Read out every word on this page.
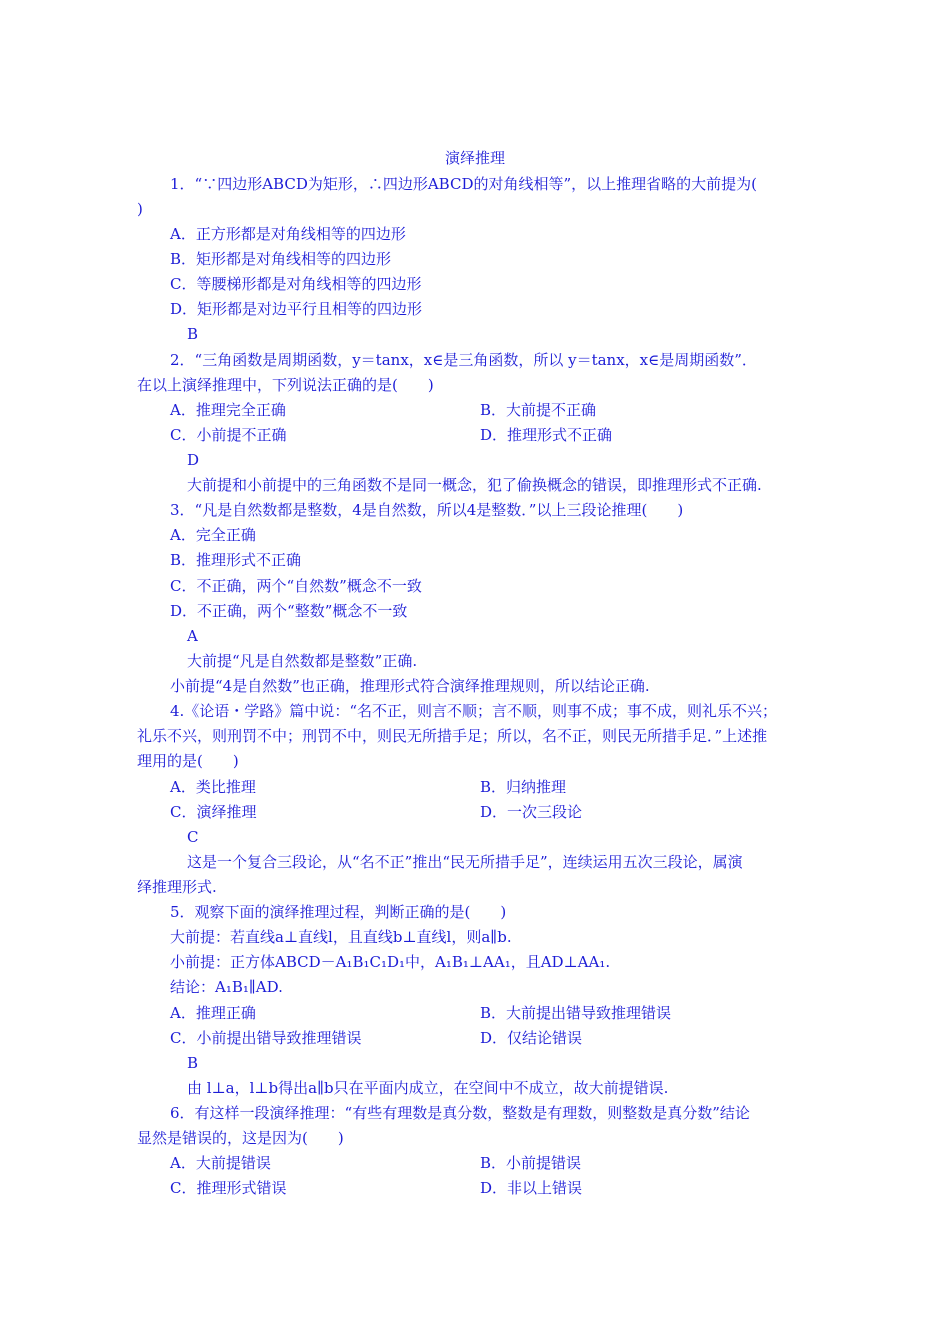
演绎推理
1．“∵四边形ABCD为矩形，∴四边形ABCD的对角线相等”，以上推理省略的大前提为(
)
A．正方形都是对角线相等的四边形
B．矩形都是对角线相等的四边形
C．等腰梯形都是对角线相等的四边形
D．矩形都是对边平行且相等的四边形
B
2．“三角函数是周期函数，y＝tanx，x∈是三角函数，所以 y＝tanx，x∈是周期函数”．
在以上演绎推理中，下列说法正确的是(　　)
A．推理完全正确	B．大前提不正确
C．小前提不正确	D．推理形式不正确
D
大前提和小前提中的三角函数不是同一概念，犯了偷换概念的错误，即推理形式不正确.
3．“凡是自然数都是整数，4是自然数，所以4是整数．”以上三段论推理(　　)
A．完全正确
B．推理形式不正确
C．不正确，两个“自然数”概念不一致
D．不正确，两个“整数”概念不一致
A
大前提“凡是自然数都是整数”正确.
小前提“4是自然数”也正确，推理形式符合演绎推理规则，所以结论正确.
4.《论语・学路》篇中说：“名不正，则言不顺；言不顺，则事不成；事不成，则礼乐不兴；
礼乐不兴，则刑罚不中；刑罚不中，则民无所措手足；所以，名不正，则民无所措手足．”上述推
理用的是(　　)
A．类比推理	B．归纳推理
C．演绎推理	D．一次三段论
C
这是一个复合三段论，从“名不正”推出“民无所措手足”，连续运用五次三段论，属演
绎推理形式.
5．观察下面的演绎推理过程，判断正确的是(　　)
大前提：若直线a⊥直线l，且直线b⊥直线l，则a∥b.
小前提：正方体ABCD－A₁B₁C₁D₁中，A₁B₁⊥AA₁，且AD⊥AA₁.
结论：A₁B₁∥AD.
A．推理正确	B．大前提出错导致推理错误
C．小前提出错导致推理错误	D．仅结论错误
B
由 l⊥a，l⊥b得出a∥b只在平面内成立，在空间中不成立，故大前提错误.
6．有这样一段演绎推理：“有些有理数是真分数，整数是有理数，则整数是真分数”结论
显然是错误的，这是因为(　　)
A．大前提错误	B．小前提错误
C．推理形式错误	D．非以上错误
